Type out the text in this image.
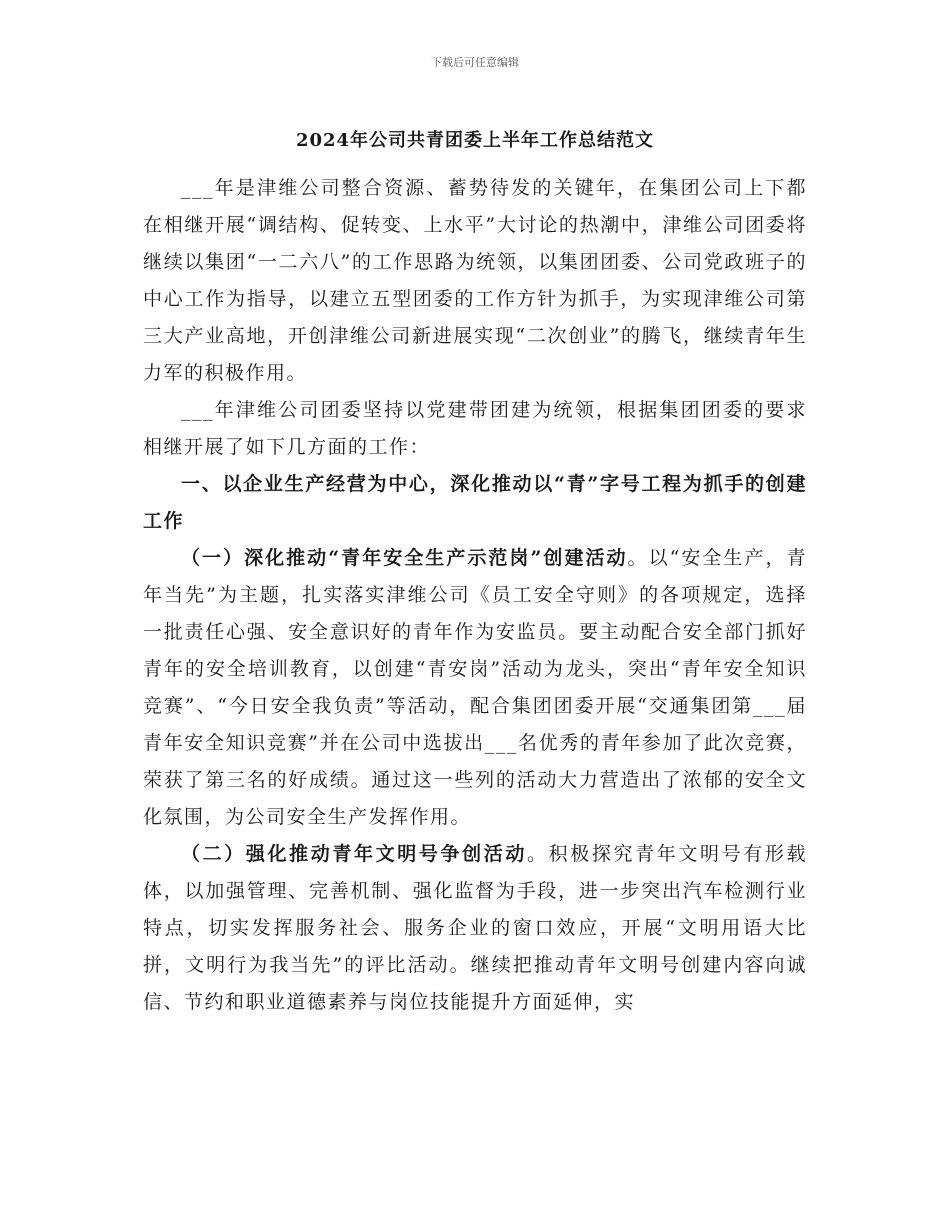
下载后可任意编辑
2024年公司共青团委上半年工作总结范文

___年是津维公司整合资源、蓄势待发的关键年，在集团公司上下都在相继开展“调结构、促转变、上水平”大讨论的热潮中，津维公司团委将继续以集团“一二六八”的工作思路为统领，以集团团委、公司党政班子的中心工作为指导，以建立五型团委的工作方针为抓手，为实现津维公司第三大产业高地，开创津维公司新进展实现“二次创业”的腾飞，继续青年生力军的积极作用。

___年津维公司团委坚持以党建带团建为统领，根据集团团委的要求相继开展了如下几方面的工作：

一、以企业生产经营为中心，深化推动以“青”字号工程为抓手的创建工作

（一）深化推动“青年安全生产示范岗”创建活动。以“安全生产，青年当先”为主题，扎实落实津维公司《员工安全守则》的各项规定，选择一批责任心强、安全意识好的青年作为安监员。要主动配合安全部门抓好青年的安全培训教育，以创建“青安岗”活动为龙头，突出“青年安全知识竞赛”、“今日安全我负责”等活动，配合集团团委开展“交通集团第___届青年安全知识竞赛”并在公司中选拔出___名优秀的青年参加了此次竞赛，荣获了第三名的好成绩。通过这一些列的活动大力营造出了浓郁的安全文化氛围，为公司安全生产发挥作用。

（二）强化推动青年文明号争创活动。积极探究青年文明号有形载体，以加强管理、完善机制、强化监督为手段，进一步突出汽车检测行业特点，切实发挥服务社会、服务企业的窗口效应，开展“文明用语大比拼，文明行为我当先”的评比活动。继续把推动青年文明号创建内容向诚信、节约和职业道德素养与岗位技能提升方面延伸，实
